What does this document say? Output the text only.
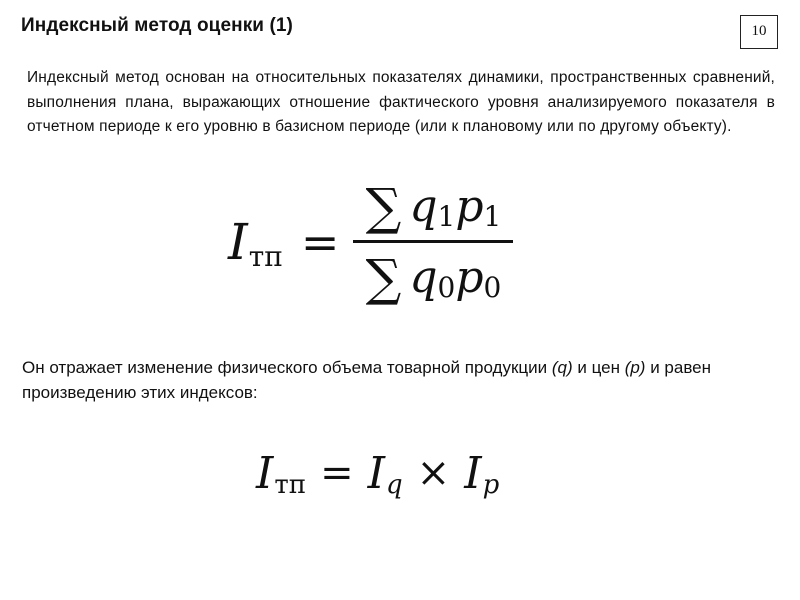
Индексный метод оценки (1)	10
Индексный метод основан на относительных показателях динамики, пространственных сравнений, выполнения плана, выражающих отношение фактического уровня анализируемого показателя в отчетном периоде к его уровню в базисном периоде (или к плановому или по другому объекту).
I тп = $\frac{\sum q 1 p 1}{\sum q 0 p 0}$
Он отражает изменение физического объема товарной продукции (q) и цен (p) и равен произведению этих индексов:
I тп = I q × I p
